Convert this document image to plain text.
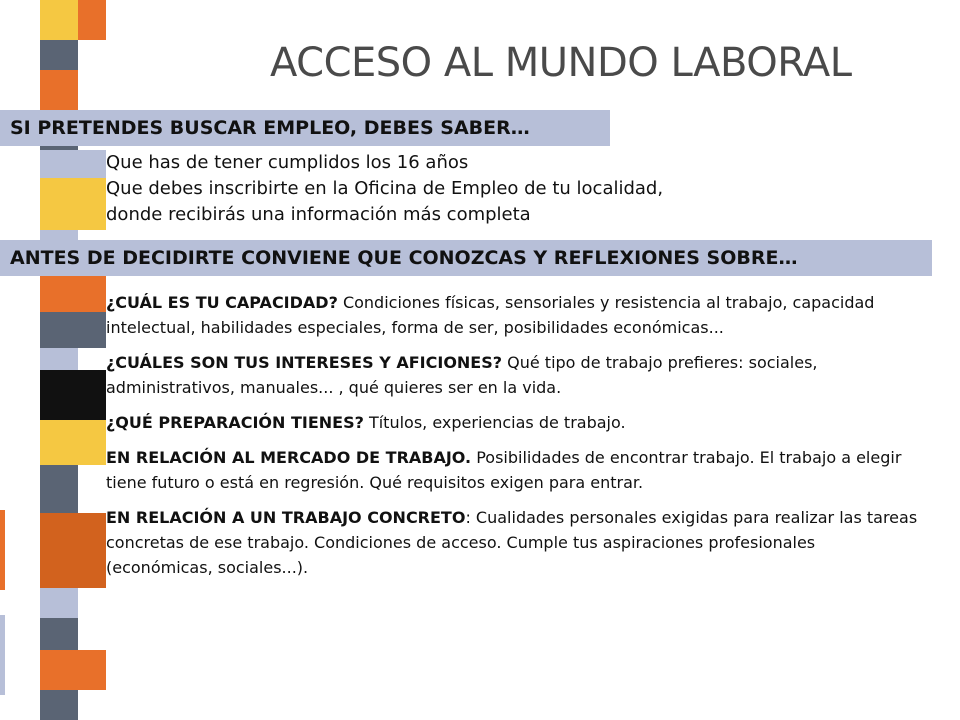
ACCESO AL MUNDO LABORAL
SI PRETENDES BUSCAR EMPLEO, DEBES SABER…
Que has de tener cumplidos los 16 años
Que debes inscribirte en la Oficina de Empleo de tu localidad,
donde recibirás una información más completa
ANTES DE DECIDIRTE CONVIENE QUE CONOZCAS Y REFLEXIONES SOBRE…
¿CUÁL ES TU CAPACIDAD? Condiciones físicas, sensoriales y resistencia al trabajo, capacidad intelectual, habilidades especiales, forma de ser, posibilidades económicas...
¿CUÁLES SON TUS INTERESES Y AFICIONES? Qué tipo de trabajo prefieres: sociales, administrativos, manuales... , qué quieres ser en la vida.
¿QUÉ PREPARACIÓN TIENES? Títulos, experiencias de trabajo.
EN RELACIÓN AL MERCADO DE TRABAJO. Posibilidades de encontrar trabajo. El trabajo a elegir tiene futuro o está en regresión. Qué requisitos exigen para entrar.
EN RELACIÓN A UN TRABAJO CONCRETO: Cualidades personales exigidas para realizar las tareas concretas de ese trabajo. Condiciones de acceso. Cumple tus aspiraciones profesionales (económicas, sociales...).
